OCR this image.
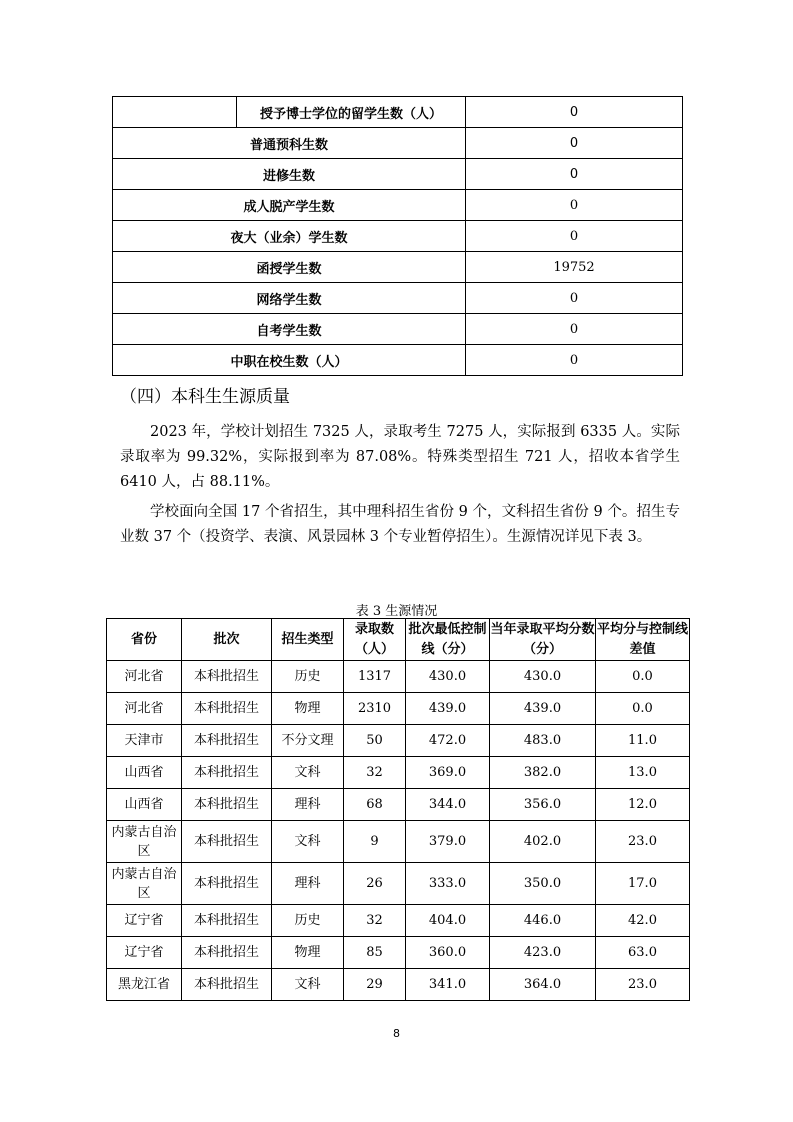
	授予博士学位的留学生数（人）	0
普通预科生数		0
进修生数		0
成人脱产学生数		0
夜大（业余）学生数		0
函授学生数		19752
网络学生数		0
自考学生数		0
中职在校生数（人）		0
（四）本科生生源质量
2023 年，学校计划招生 7325 人，录取考生 7275 人，实际报到 6335 人。实际录取率为 99.32%，实际报到率为 87.08%。特殊类型招生 721 人，招收本省学生 6410 人，占 88.11%。
学校面向全国 17 个省招生，其中理科招生省份 9 个，文科招生省份 9 个。招生专业数 37 个（投资学、表演、风景园林 3 个专业暂停招生）。生源情况详见下表 3。
表 3 生源情况
省份	批次	招生类型	录取数（人）	批次最低控制线（分）	当年录取平均分数（分）	平均分与控制线差值
河北省	本科批招生	历史	1317	430.0	430.0	0.0
河北省	本科批招生	物理	2310	439.0	439.0	0.0
天津市	本科批招生	不分文理	50	472.0	483.0	11.0
山西省	本科批招生	文科	32	369.0	382.0	13.0
山西省	本科批招生	理科	68	344.0	356.0	12.0
内蒙古自治区	本科批招生	文科	9	379.0	402.0	23.0
内蒙古自治区	本科批招生	理科	26	333.0	350.0	17.0
辽宁省	本科批招生	历史	32	404.0	446.0	42.0
辽宁省	本科批招生	物理	85	360.0	423.0	63.0
黑龙江省	本科批招生	文科	29	341.0	364.0	23.0
8
